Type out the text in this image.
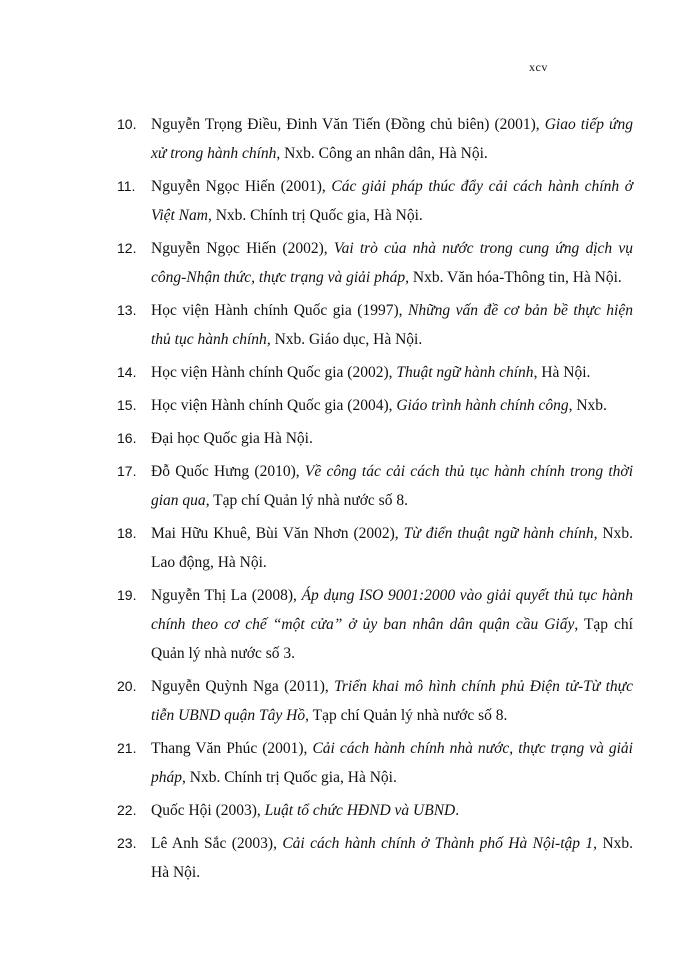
xcv
10. Nguyễn Trọng Điều, Đinh Văn Tiến (Đồng chủ biên) (2001), Giao tiếp ứng xử trong hành chính, Nxb. Công an nhân dân, Hà Nội.
11. Nguyễn Ngọc Hiến (2001), Các giải pháp thúc đẩy cải cách hành chính ở Việt Nam, Nxb. Chính trị Quốc gia, Hà Nội.
12. Nguyễn Ngọc Hiến (2002), Vai trò của nhà nước trong cung ứng dịch vụ công-Nhận thức, thực trạng và giải pháp, Nxb. Văn hóa-Thông tin, Hà Nội.
13. Học viện Hành chính Quốc gia (1997), Những vấn đề cơ bản bề thực hiện thủ tục hành chính, Nxb. Giáo dục, Hà Nội.
14. Học viện Hành chính Quốc gia (2002), Thuật ngữ hành chính, Hà Nội.
15. Học viện Hành chính Quốc gia (2004), Giáo trình hành chính công, Nxb.
16. Đại học Quốc gia Hà Nội.
17. Đỗ Quốc Hưng (2010), Về công tác cải cách thủ tục hành chính trong thời gian qua, Tạp chí Quản lý nhà nước số 8.
18. Mai Hữu Khuê, Bùi Văn Nhơn (2002), Từ điển thuật ngữ hành chính, Nxb. Lao động, Hà Nội.
19. Nguyễn Thị La (2008), Áp dụng ISO 9001:2000 vào giải quyết thủ tục hành chính theo cơ chế “một cửa” ở ủy ban nhân dân quận cầu Giấy, Tạp chí Quản lý nhà nước số 3.
20. Nguyễn Quỳnh Nga (2011), Triển khai mô hình chính phủ Điện tử-Từ thực tiễn UBND quận Tây Hồ, Tạp chí Quản lý nhà nước số 8.
21. Thang Văn Phúc (2001), Cải cách hành chính nhà nước, thực trạng và giải pháp, Nxb. Chính trị Quốc gia, Hà Nội.
22. Quốc Hội (2003), Luật tổ chức HĐND và UBND.
23. Lê Anh Sắc (2003), Cải cách hành chính ở Thành phố Hà Nội-tập 1, Nxb. Hà Nội.
